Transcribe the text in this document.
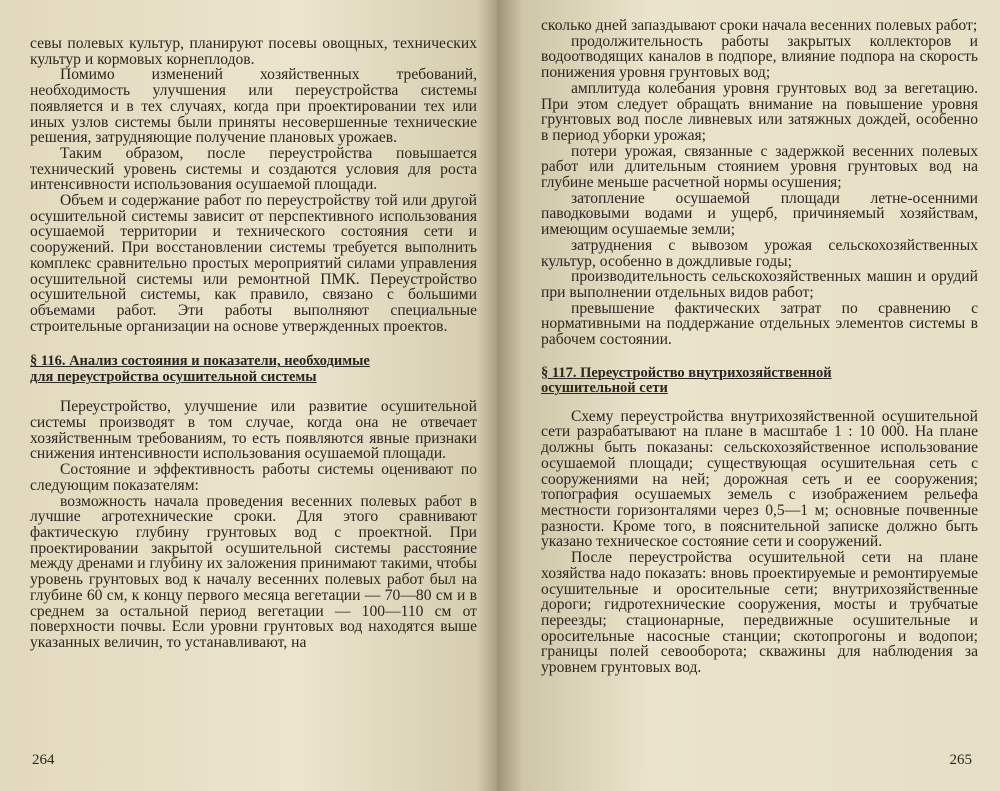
севы полевых культур, планируют посевы овощных, технических культур и кормовых корнеплодов.

Помимо изменений хозяйственных требований, необходимость улучшения или переустройства системы появляется и в тех случаях, когда при проектировании тех или иных узлов системы были приняты несовершенные технические решения, затрудняющие получение плановых урожаев.

Таким образом, после переустройства повышается технический уровень системы и создаются условия для роста интенсивности использования осушаемой площади.

Объем и содержание работ по переустройству той или другой осушительной системы зависит от перспективного использования осушаемой территории и технического состояния сети и сооружений. При восстановлении системы требуется выполнить комплекс сравнительно простых мероприятий силами управления осушительной системы или ремонтной ПМК. Переустройство осушительной системы, как правило, связано с большими объемами работ. Эти работы выполняют специальные строительные организации на основе утвержденных проектов.

§ 116. Анализ состояния и показатели, необходимые
для переустройства осушительной системы

Переустройство, улучшение или развитие осушительной системы производят в том случае, когда она не отвечает хозяйственным требованиям, то есть появляются явные признаки снижения интенсивности использования осушаемой площади.

Состояние и эффективность работы системы оценивают по следующим показателям:

возможность начала проведения весенних полевых работ в лучшие агротехнические сроки. Для этого сравнивают фактическую глубину грунтовых вод с проектной. При проектировании закрытой осушительной системы расстояние между дренами и глубину их заложения принимают такими, чтобы уровень грунтовых вод к началу весенних полевых работ был на глубине 60 см, к концу первого месяца вегетации — 70—80 см и в среднем за остальной период вегетации — 100—110 см от поверхности почвы. Если уровни грунтовых вод находятся выше указанных величин, то устанавливают, на

264

сколько дней запаздывают сроки начала весенних полевых работ;

продолжительность работы закрытых коллекторов и водоотводящих каналов в подпоре, влияние подпора на скорость понижения уровня грунтовых вод;

амплитуда колебания уровня грунтовых вод за вегетацию. При этом следует обращать внимание на повышение уровня грунтовых вод после ливневых или затяжных дождей, особенно в период уборки урожая;

потери урожая, связанные с задержкой весенних полевых работ или длительным стоянием уровня грунтовых вод на глубине меньше расчетной нормы осушения;

затопление осушаемой площади летне-осенними паводковыми водами и ущерб, причиняемый хозяйствам, имеющим осушаемые земли;

затруднения с вывозом урожая сельскохозяйственных культур, особенно в дождливые годы;

производительность сельскохозяйственных машин и орудий при выполнении отдельных видов работ;

превышение фактических затрат по сравнению с нормативными на поддержание отдельных элементов системы в рабочем состоянии.

§ 117. Переустройство внутрихозяйственной
осушительной сети

Схему переустройства внутрихозяйственной осушительной сети разрабатывают на плане в масштабе 1 : 10 000. На плане должны быть показаны: сельскохозяйственное использование осушаемой площади; существующая осушительная сеть с сооружениями на ней; дорожная сеть и ее сооружения; топография осушаемых земель с изображением рельефа местности горизонталями через 0,5—1 м; основные почвенные разности. Кроме того, в пояснительной записке должно быть указано техническое состояние сети и сооружений.

После переустройства осушительной сети на плане хозяйства надо показать: вновь проектируемые и ремонтируемые осушительные и оросительные сети; внутрихозяйственные дороги; гидротехнические сооружения, мосты и трубчатые переезды; стационарные, передвижные осушительные и оросительные насосные станции; скотопрогоны и водопои; границы полей севооборота; скважины для наблюдения за уровнем грунтовых вод.

265
